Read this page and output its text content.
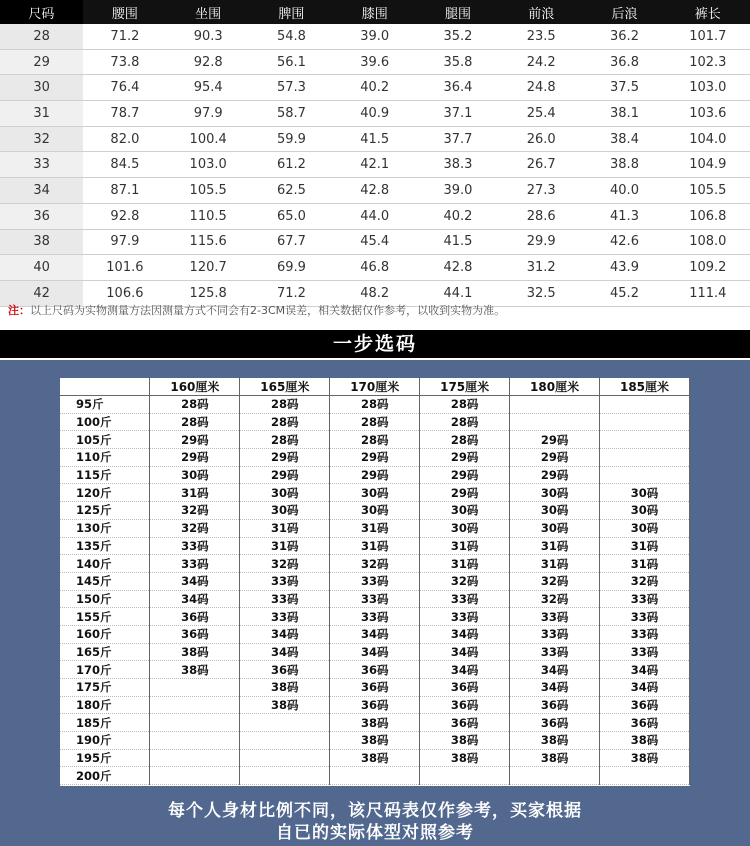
尺码	腰围	坐围	脾围	膝围	腿围	前浪	后浪	裤长
28	71.2	90.3	54.8	39.0	35.2	23.5	36.2	101.7
29	73.8	92.8	56.1	39.6	35.8	24.2	36.8	102.3
30	76.4	95.4	57.3	40.2	36.4	24.8	37.5	103.0
31	78.7	97.9	58.7	40.9	37.1	25.4	38.1	103.6
32	82.0	100.4	59.9	41.5	37.7	26.0	38.4	104.0
33	84.5	103.0	61.2	42.1	38.3	26.7	38.8	104.9
34	87.1	105.5	62.5	42.8	39.0	27.3	40.0	105.5
36	92.8	110.5	65.0	44.0	40.2	28.6	41.3	106.8
38	97.9	115.6	67.7	45.4	41.5	29.9	42.6	108.0
40	101.6	120.7	69.9	46.8	42.8	31.2	43.9	109.2
42	106.6	125.8	71.2	48.2	44.1	32.5	45.2	111.4
注：以上尺码为实物测量方法因测量方式不同会有2-3CM误差，相关数据仅作参考，以收到实物为准。
一步选码
	160厘米	165厘米	170厘米	175厘米	180厘米	185厘米
95斤	28码	28码	28码	28码		
100斤	28码	28码	28码	28码		
105斤	29码	28码	28码	28码	29码	
110斤	29码	29码	29码	29码	29码	
115斤	30码	29码	29码	29码	29码	
120斤	31码	30码	30码	29码	30码	30码
125斤	32码	30码	30码	30码	30码	30码
130斤	32码	31码	31码	30码	30码	30码
135斤	33码	31码	31码	31码	31码	31码
140斤	33码	32码	32码	31码	31码	31码
145斤	34码	33码	33码	32码	32码	32码
150斤	34码	33码	33码	33码	32码	33码
155斤	36码	33码	33码	33码	33码	33码
160斤	36码	34码	34码	34码	33码	33码
165斤	38码	34码	34码	34码	33码	33码
170斤	38码	36码	36码	34码	34码	34码
175斤		38码	36码	36码	34码	34码
180斤		38码	36码	36码	36码	36码
185斤			38码	36码	36码	36码
190斤			38码	38码	38码	38码
195斤			38码	38码	38码	38码
200斤						
每个人身材比例不同，该尺码表仅作参考，买家根据
自已的实际体型对照参考
